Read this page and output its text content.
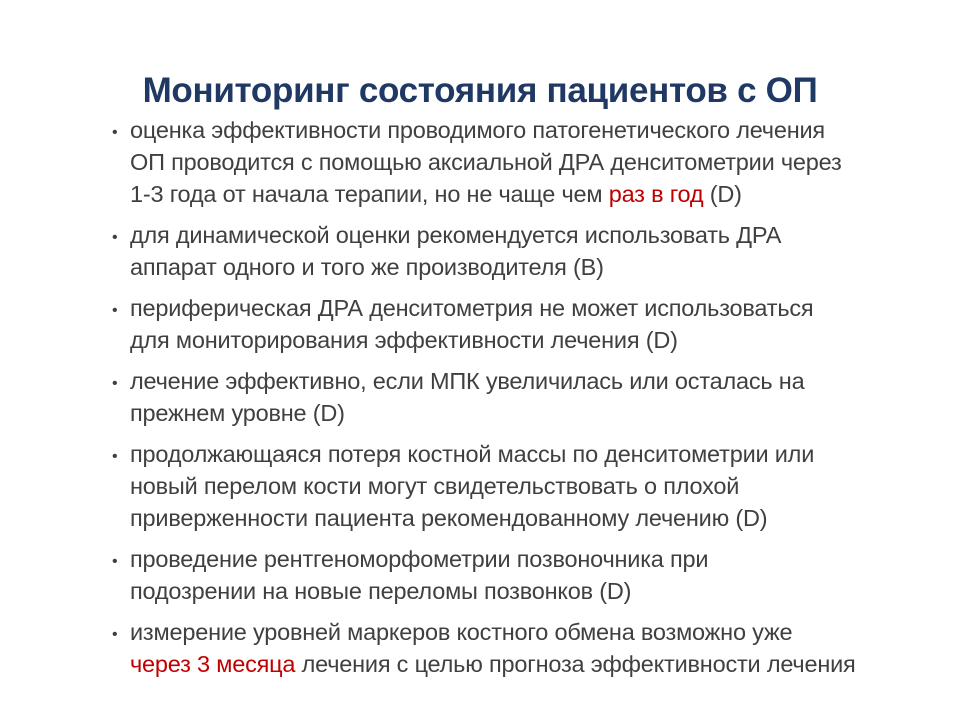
Мониторинг состояния пациентов с ОП
• оценка эффективности проводимого патогенетического лечения
ОП проводится с помощью аксиальной ДРА денситометрии через
1-3 года от начала терапии, но не чаще чем раз в год (D)
• для динамической оценки рекомендуется использовать ДРА
аппарат одного и того же производителя (B)
• периферическая ДРА денситометрия не может использоваться
для мониторирования эффективности лечения (D)
• лечение эффективно, если МПК увеличилась или осталась на
прежнем уровне (D)
• продолжающаяся потеря костной массы по денситометрии или
новый перелом кости могут свидетельствовать о плохой
приверженности пациента рекомендованному лечению (D)
• проведение рентгеноморфометрии позвоночника при
подозрении на новые переломы позвонков (D)
• измерение уровней маркеров костного обмена возможно уже
через 3 месяца лечения с целью прогноза эффективности лечения
